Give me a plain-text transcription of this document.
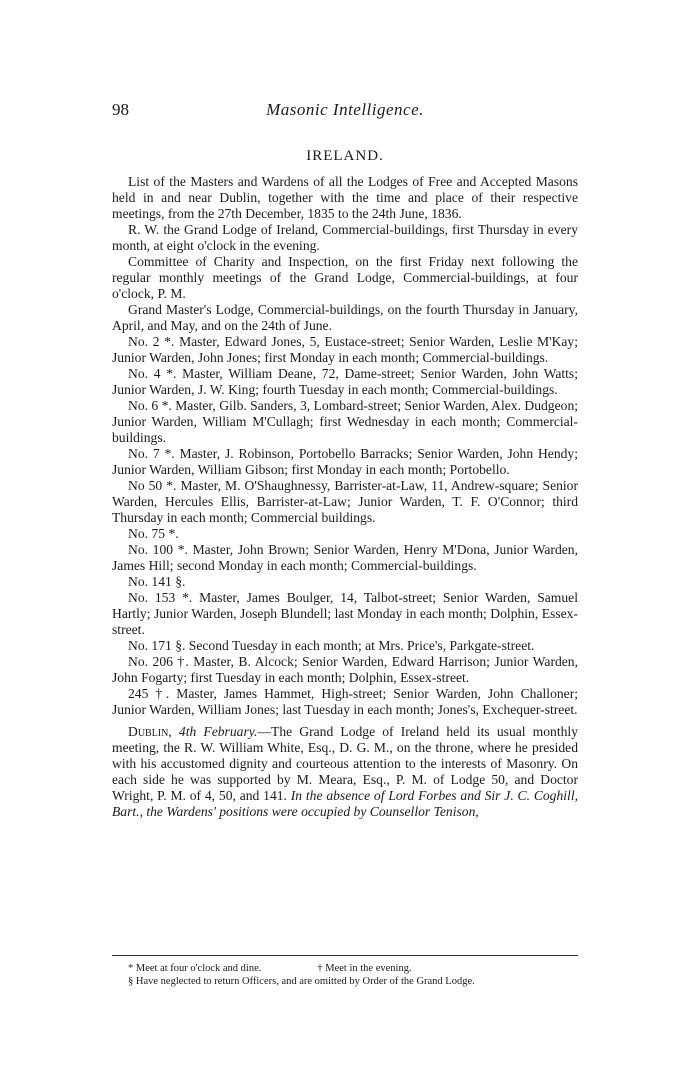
98	Masonic Intelligence.
IRELAND.

List of the Masters and Wardens of all the Lodges of Free and Accepted Masons held in and near Dublin, together with the time and place of their respective meetings, from the 27th December, 1835 to the 24th June, 1836.

R. W. the Grand Lodge of Ireland, Commercial-buildings, first Thursday in every month, at eight o'clock in the evening.

Committee of Charity and Inspection, on the first Friday next following the regular monthly meetings of the Grand Lodge, Commercial-buildings, at four o'clock, P. M.

Grand Master's Lodge, Commercial-buildings, on the fourth Thursday in January, April, and May, and on the 24th of June.

No. 2 *. Master, Edward Jones, 5, Eustace-street; Senior Warden, Leslie M'Kay; Junior Warden, John Jones; first Monday in each month; Commercial-buildings.

No. 4 *. Master, William Deane, 72, Dame-street; Senior Warden, John Watts; Junior Warden, J. W. King; fourth Tuesday in each month; Commercial-buildings.

No. 6 *. Master, Gilb. Sanders, 3, Lombard-street; Senior Warden, Alex. Dudgeon; Junior Warden, William M'Cullagh; first Wednesday in each month; Commercial-buildings.

No. 7 *. Master, J. Robinson, Portobello Barracks; Senior Warden, John Hendy; Junior Warden, William Gibson; first Monday in each month; Portobello.

No 50 *. Master, M. O'Shaughnessy, Barrister-at-Law, 11, Andrew-square; Senior Warden, Hercules Ellis, Barrister-at-Law; Junior Warden, T. F. O'Connor; third Thursday in each month; Commercial buildings.

No. 75 *.

No. 100 *. Master, John Brown; Senior Warden, Henry M'Dona, Junior Warden, James Hill; second Monday in each month; Commercial-buildings.

No. 141 §.

No. 153 *. Master, James Boulger, 14, Talbot-street; Senior Warden, Samuel Hartly; Junior Warden, Joseph Blundell; last Monday in each month; Dolphin, Essex-street.

No. 171 §. Second Tuesday in each month; at Mrs. Price's, Parkgate-street.

No. 206 †. Master, B. Alcock; Senior Warden, Edward Harrison; Junior Warden, John Fogarty; first Tuesday in each month; Dolphin, Essex-street.

245 †. Master, James Hammet, High-street; Senior Warden, John Challoner; Junior Warden, William Jones; last Tuesday in each month; Jones's, Exchequer-street.

Dublin, 4th February.—The Grand Lodge of Ireland held its usual monthly meeting, the R. W. William White, Esq., D. G. M., on the throne, where he presided with his accustomed dignity and courteous attention to the interests of Masonry. On each side he was supported by M. Meara, Esq., P. M. of Lodge 50, and Doctor Wright, P. M. of 4, 50, and 141. In the absence of Lord Forbes and Sir J. C. Coghill, Bart., the Wardens' positions were occupied by Counsellor Tenison,

* Meet at four o'clock and dine.	† Meet in the evening.
§ Have neglected to return Officers, and are omitted by Order of the Grand Lodge.
